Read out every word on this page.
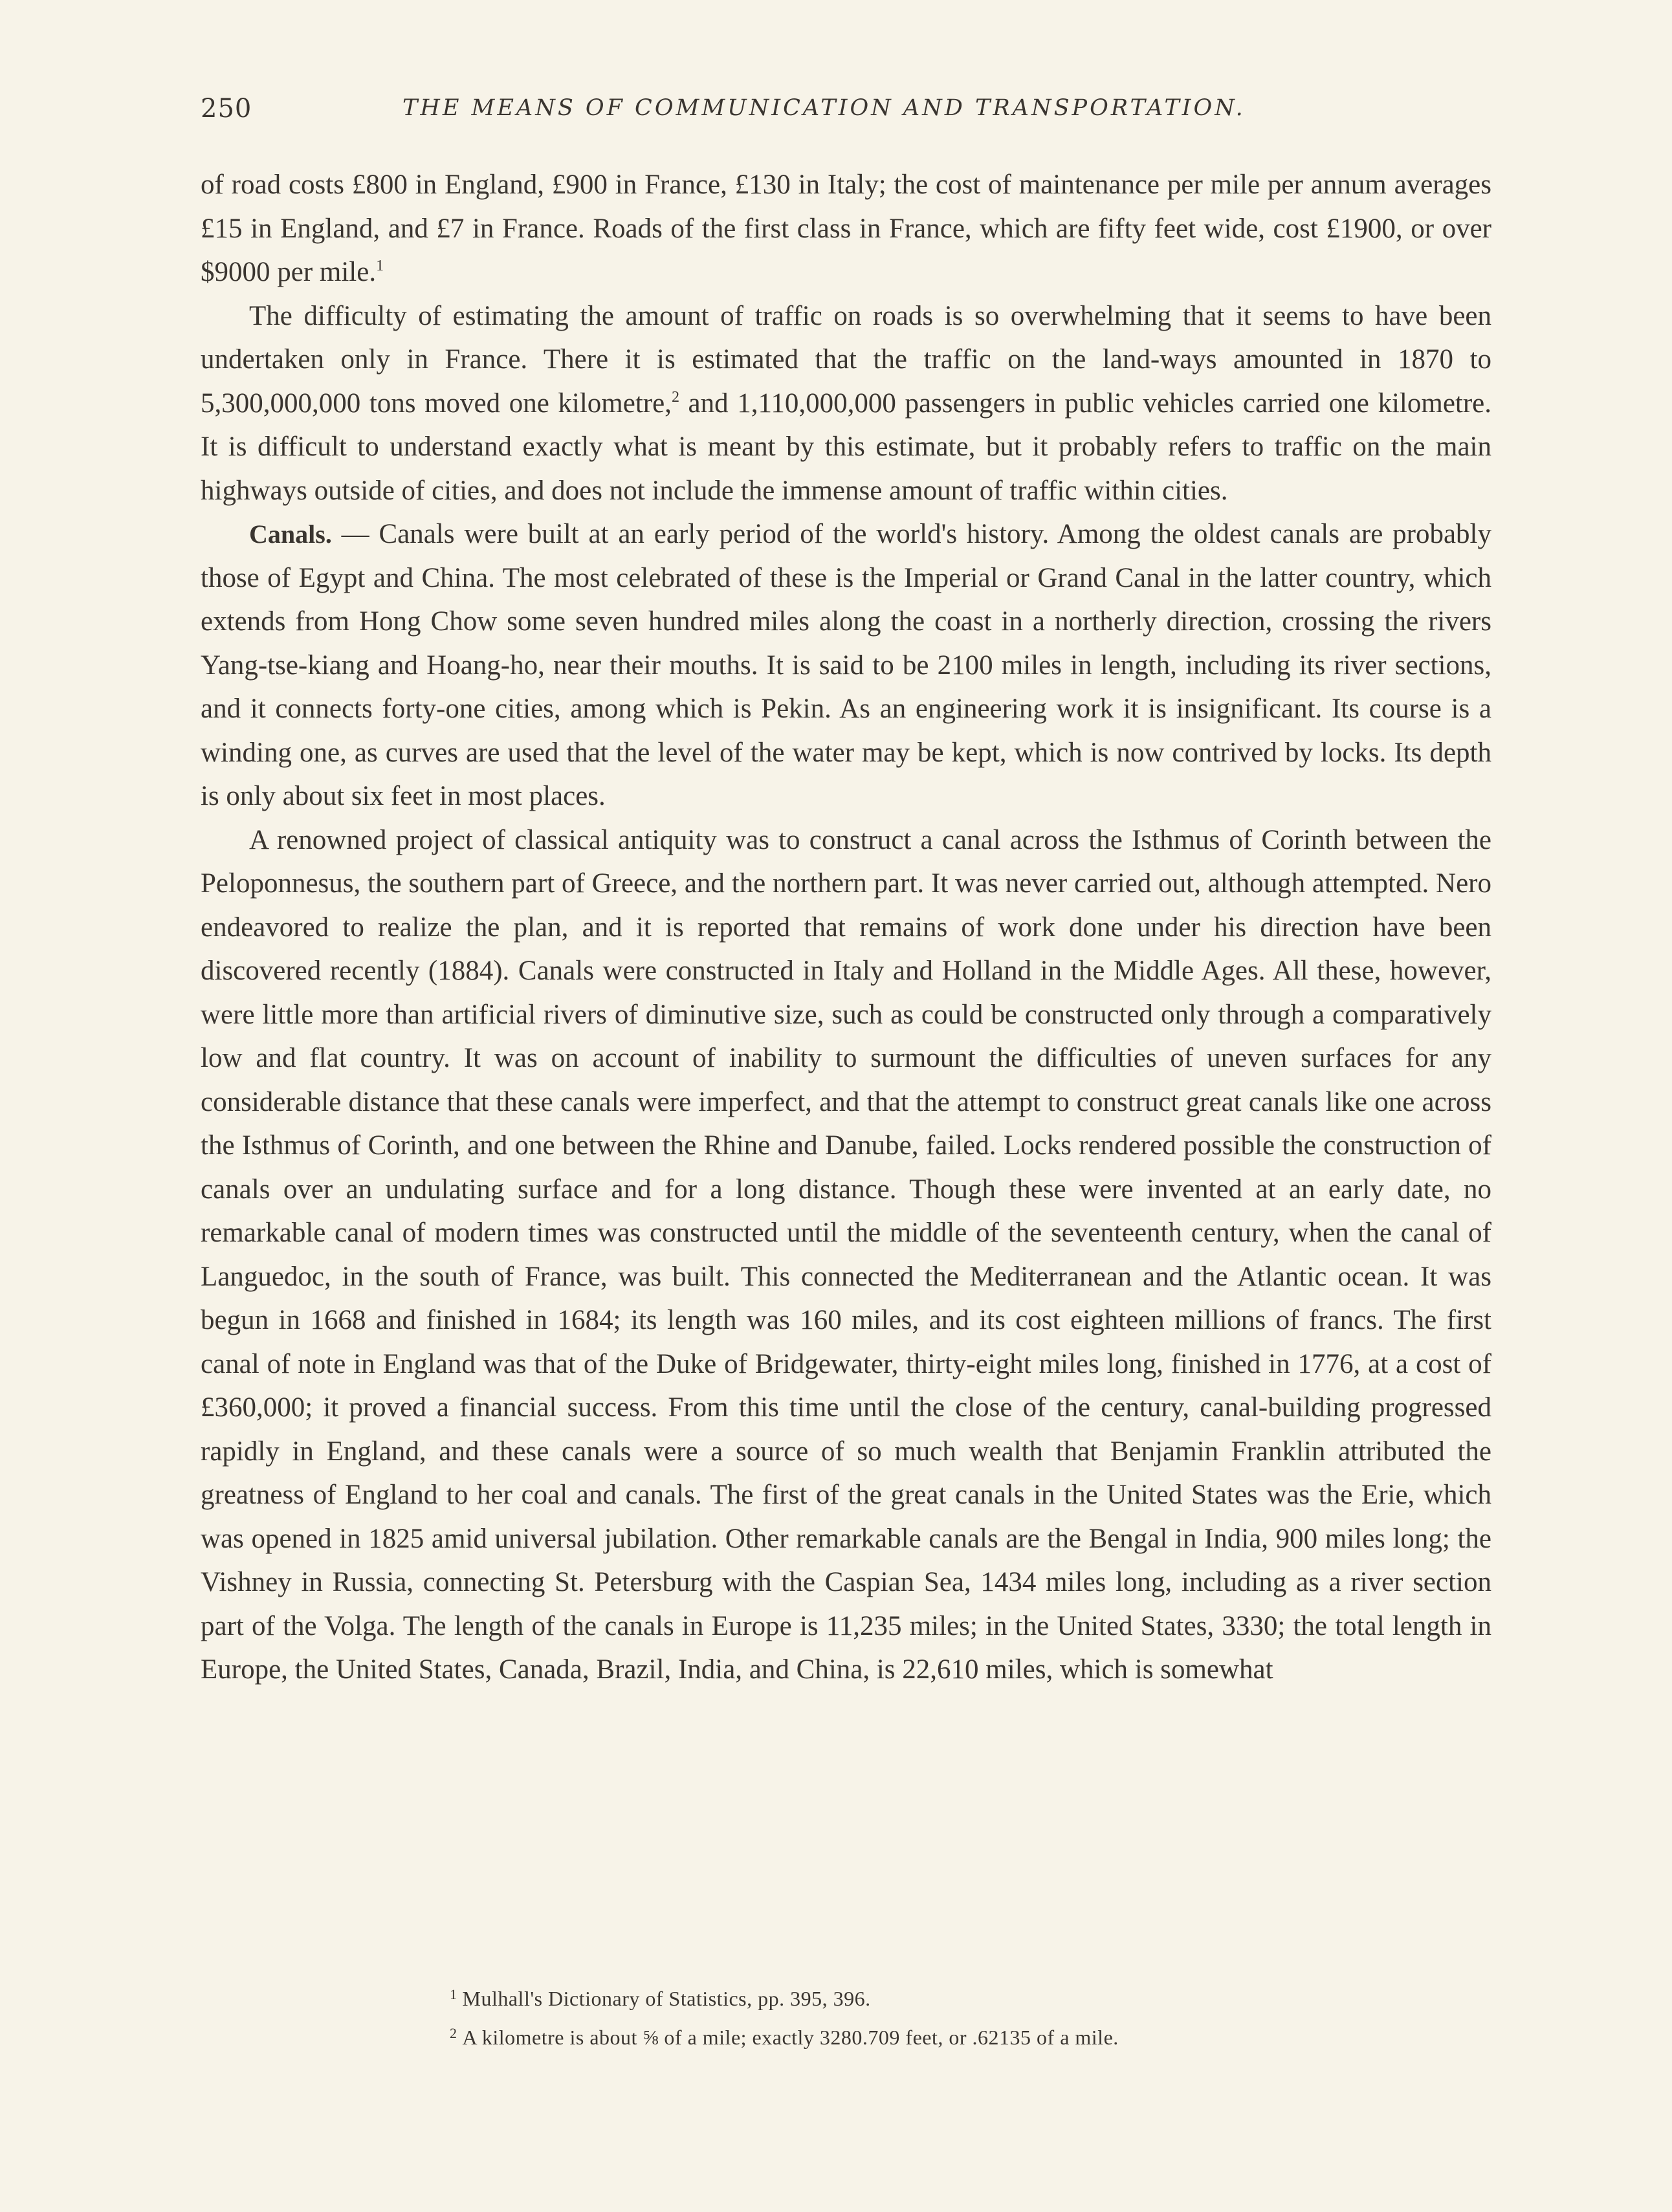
250	THE MEANS OF COMMUNICATION AND TRANSPORTATION.

of road costs £800 in England, £900 in France, £130 in Italy; the cost of maintenance per mile per annum averages £15 in England, and £7 in France. Roads of the first class in France, which are fifty feet wide, cost £1900, or over $9000 per mile.$^1$

The difficulty of estimating the amount of traffic on roads is so overwhelming that it seems to have been undertaken only in France. There it is estimated that the traffic on the land-ways amounted in 1870 to 5,300,000,000 tons moved one kilometre,$^2$ and 1,110,000,000 passengers in public vehicles carried one kilometre. It is difficult to understand exactly what is meant by this estimate, but it probably refers to traffic on the main highways outside of cities, and does not include the immense amount of traffic within cities.

Canals. — Canals were built at an early period of the world's history. Among the oldest canals are probably those of Egypt and China. The most celebrated of these is the Imperial or Grand Canal in the latter country, which extends from Hong Chow some seven hundred miles along the coast in a northerly direction, crossing the rivers Yang-tse-kiang and Hoang-ho, near their mouths. It is said to be 2100 miles in length, including its river sections, and it connects forty-one cities, among which is Pekin. As an engineering work it is insignificant. Its course is a winding one, as curves are used that the level of the water may be kept, which is now contrived by locks. Its depth is only about six feet in most places.

A renowned project of classical antiquity was to construct a canal across the Isthmus of Corinth between the Peloponnesus, the southern part of Greece, and the northern part. It was never carried out, although attempted. Nero endeavored to realize the plan, and it is reported that remains of work done under his direction have been discovered recently (1884). Canals were constructed in Italy and Holland in the Middle Ages. All these, however, were little more than artificial rivers of diminutive size, such as could be constructed only through a comparatively low and flat country. It was on account of inability to surmount the difficulties of uneven surfaces for any considerable distance that these canals were imperfect, and that the attempt to construct great canals like one across the Isthmus of Corinth, and one between the Rhine and Danube, failed. Locks rendered possible the construction of canals over an undulating surface and for a long distance. Though these were invented at an early date, no remarkable canal of modern times was constructed until the middle of the seventeenth century, when the canal of Languedoc, in the south of France, was built. This connected the Mediterranean and the Atlantic ocean. It was begun in 1668 and finished in 1684; its length was 160 miles, and its cost eighteen millions of francs. The first canal of note in England was that of the Duke of Bridgewater, thirty-eight miles long, finished in 1776, at a cost of £360,000; it proved a financial success. From this time until the close of the century, canal-building progressed rapidly in England, and these canals were a source of so much wealth that Benjamin Franklin attributed the greatness of England to her coal and canals. The first of the great canals in the United States was the Erie, which was opened in 1825 amid universal jubilation. Other remarkable canals are the Bengal in India, 900 miles long; the Vishney in Russia, connecting St. Petersburg with the Caspian Sea, 1434 miles long, including as a river section part of the Volga. The length of the canals in Europe is 11,235 miles; in the United States, 3330; the total length in Europe, the United States, Canada, Brazil, India, and China, is 22,610 miles, which is somewhat

$^1$ Mulhall's Dictionary of Statistics, pp. 395, 396.

$^2$ A kilometre is about ⅝ of a mile; exactly 3280.709 feet, or .62135 of a mile.
